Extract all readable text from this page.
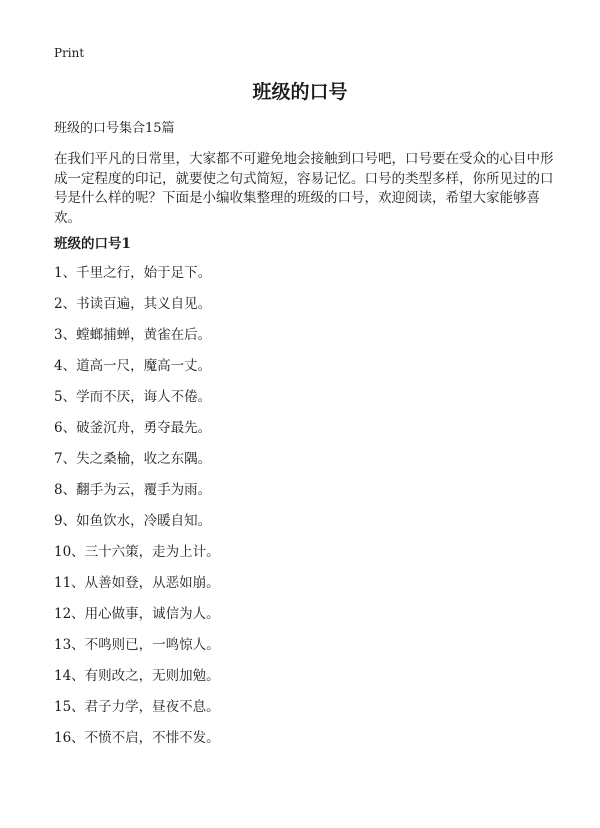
Print
班级的口号

班级的口号集合15篇

在我们平凡的日常里，大家都不可避免地会接触到口号吧，口号要在受众的心目中形成一定程度的印记，就要使之句式简短，容易记忆。口号的类型多样，你所见过的口号是什么样的呢？下面是小编收集整理的班级的口号，欢迎阅读，希望大家能够喜欢。

班级的口号1
1、千里之行，始于足下。
2、书读百遍，其义自见。
3、螳螂捕蝉，黄雀在后。
4、道高一尺，魔高一丈。
5、学而不厌，诲人不倦。
6、破釜沉舟，勇夺最先。
7、失之桑榆，收之东隅。
8、翻手为云，覆手为雨。
9、如鱼饮水，冷暖自知。
10、三十六策，走为上计。
11、从善如登，从恶如崩。
12、用心做事，诚信为人。
13、不鸣则已，一鸣惊人。
14、有则改之，无则加勉。
15、君子力学，昼夜不息。
16、不愤不启，不悱不发。
